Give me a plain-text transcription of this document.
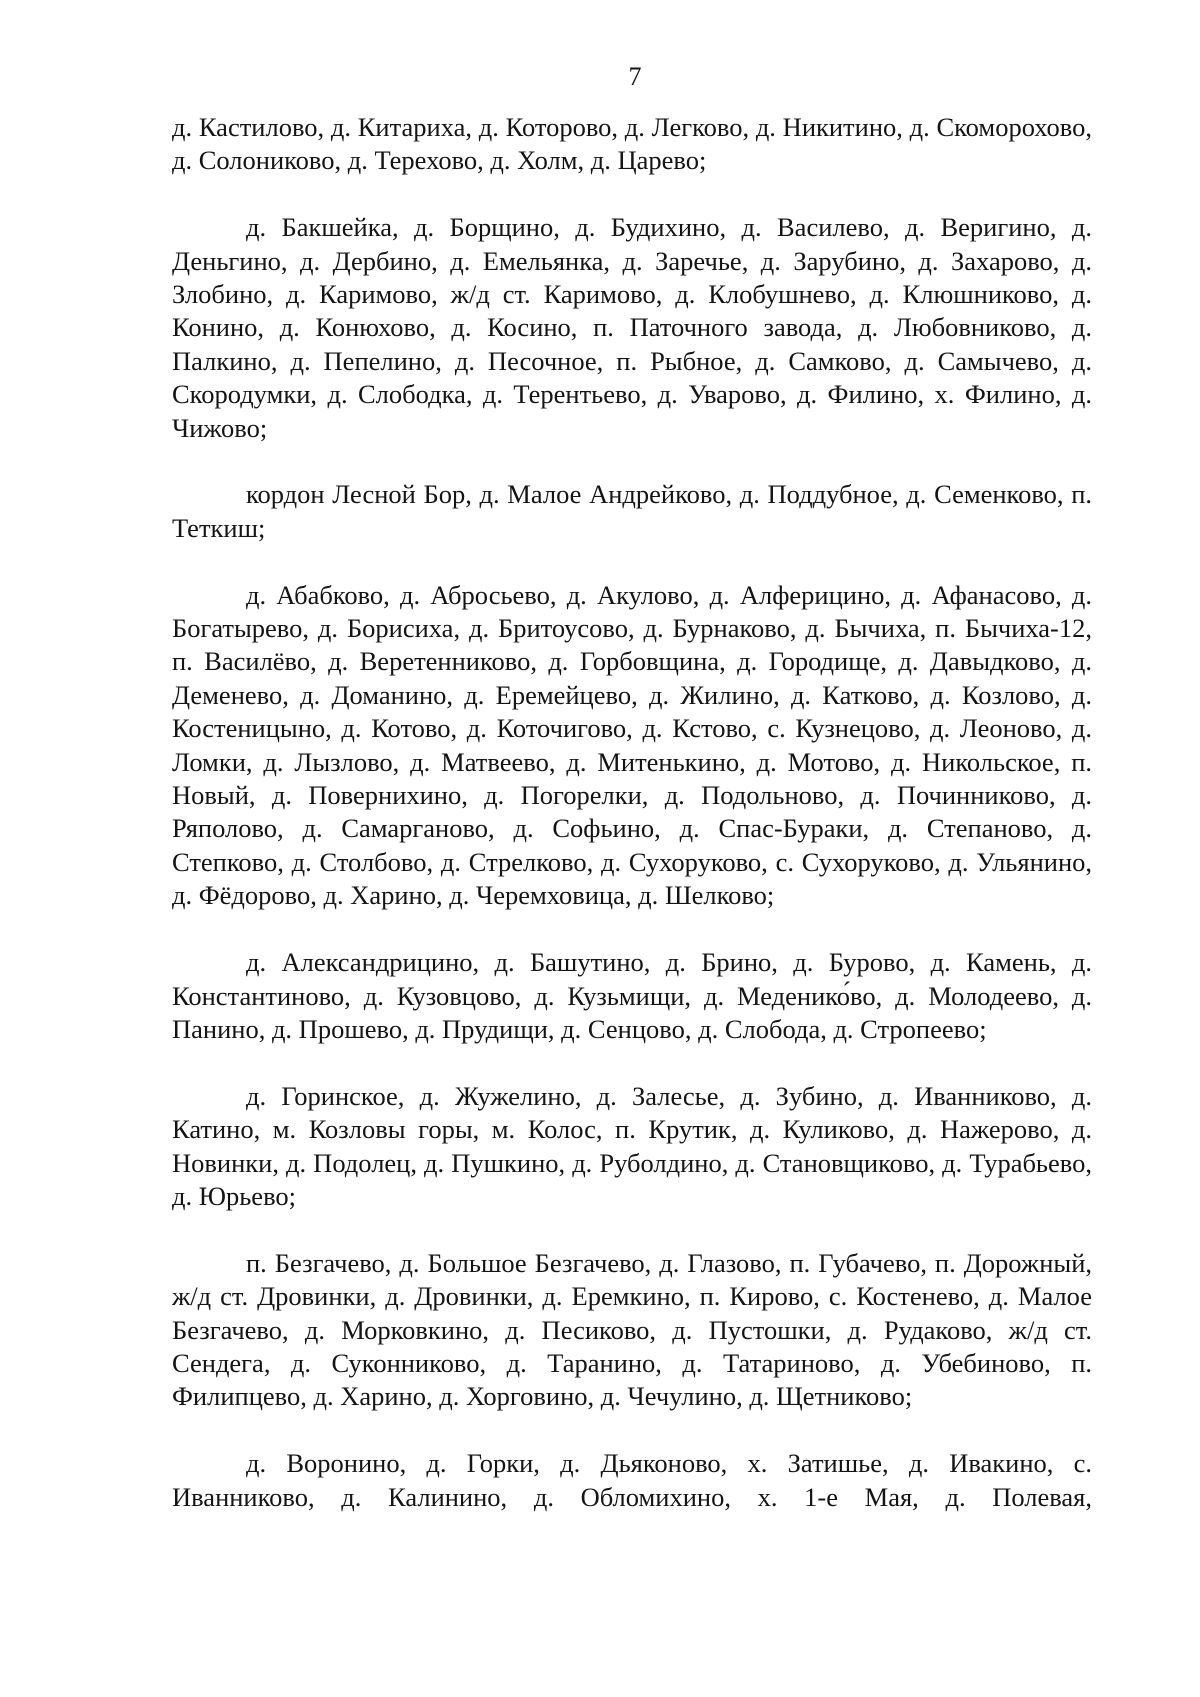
7

д. Кастилово, д. Китариха, д. Которово, д. Легково, д. Никитино, д. Скоморохово, д. Солониково, д. Терехово, д. Холм, д. Царево;

д. Бакшейка, д. Борщино, д. Будихино, д. Василево, д. Веригино, д. Деньгино, д. Дербино, д. Емельянка, д. Заречье, д. Зарубино, д. Захарово, д. Злобино, д. Каримово, ж/д ст. Каримово, д. Клобушнево, д. Клюшниково, д. Конино, д. Конюхово, д. Косино, п. Паточного завода, д. Любовниково, д. Палкино, д. Пепелино, д. Песочное, п. Рыбное, д. Самково, д. Самычево, д. Скородумки, д. Слободка, д. Терентьево, д. Уварово, д. Филино, х. Филино, д. Чижово;

кордон Лесной Бор, д. Малое Андрейково, д. Поддубное, д. Семенково, п. Теткиш;

д. Абабково, д. Абросьево, д. Акулово, д. Алферицино, д. Афанасово, д. Богатырево, д. Борисиха, д. Бритоусово, д. Бурнаково, д. Бычиха, п. Бычиха-12, п. Василёво, д. Веретенниково, д. Горбовщина, д. Городище, д. Давыдково, д. Деменево, д. Доманино, д. Еремейцево, д. Жилино, д. Катково, д. Козлово, д. Костеницыно, д. Котово, д. Коточигово, д. Кстово, с. Кузнецово, д. Леоново, д. Ломки, д. Лызлово, д. Матвеево, д. Митенькино, д. Мотово, д. Никольское, п. Новый, д. Повернихино, д. Погорелки, д. Подольново, д. Починниково, д. Ряполово, д. Самарганово, д. Софьино, д. Спас-Бураки, д. Степаново, д. Степково, д. Столбово, д. Стрелково, д. Сухоруково, с. Сухоруково, д. Ульянино, д. Фёдорово, д. Харино, д. Черемховица, д. Шелково;

д. Александрицино, д. Башутино, д. Брино, д. Бурово, д. Камень, д. Константиново, д. Кузовцово, д. Кузьмищи, д. Меденико́во, д. Молодеево, д. Панино, д. Прошево, д. Прудищи, д. Сенцово, д. Слобода, д. Стропеево;

д. Горинское, д. Жужелино, д. Залесье, д. Зубино, д. Иванниково, д. Катино, м. Козловы горы, м. Колос, п. Крутик, д. Куликово, д. Нажерово, д. Новинки, д. Подолец, д. Пушкино, д. Руболдино, д. Становщиково, д. Турабьево, д. Юрьево;

п. Безгачево, д. Большое Безгачево, д. Глазово, п. Губачево, п. Дорожный, ж/д ст. Дровинки, д. Дровинки, д. Еремкино, п. Кирово, с. Костенево, д. Малое Безгачево, д. Морковкино, д. Песиково, д. Пустошки, д. Рудаково, ж/д ст. Сендега, д. Суконниково, д. Таранино, д. Татариново, д. Убебиново, п. Филипцево, д. Харино, д. Хорговино, д. Чечулино, д. Щетниково;

д. Воронино, д. Горки, д. Дьяконово, х. Затишье, д. Ивакино, с. Иванниково, д. Калинино, д. Обломихино, х. 1-е Мая, д. Полевая,
